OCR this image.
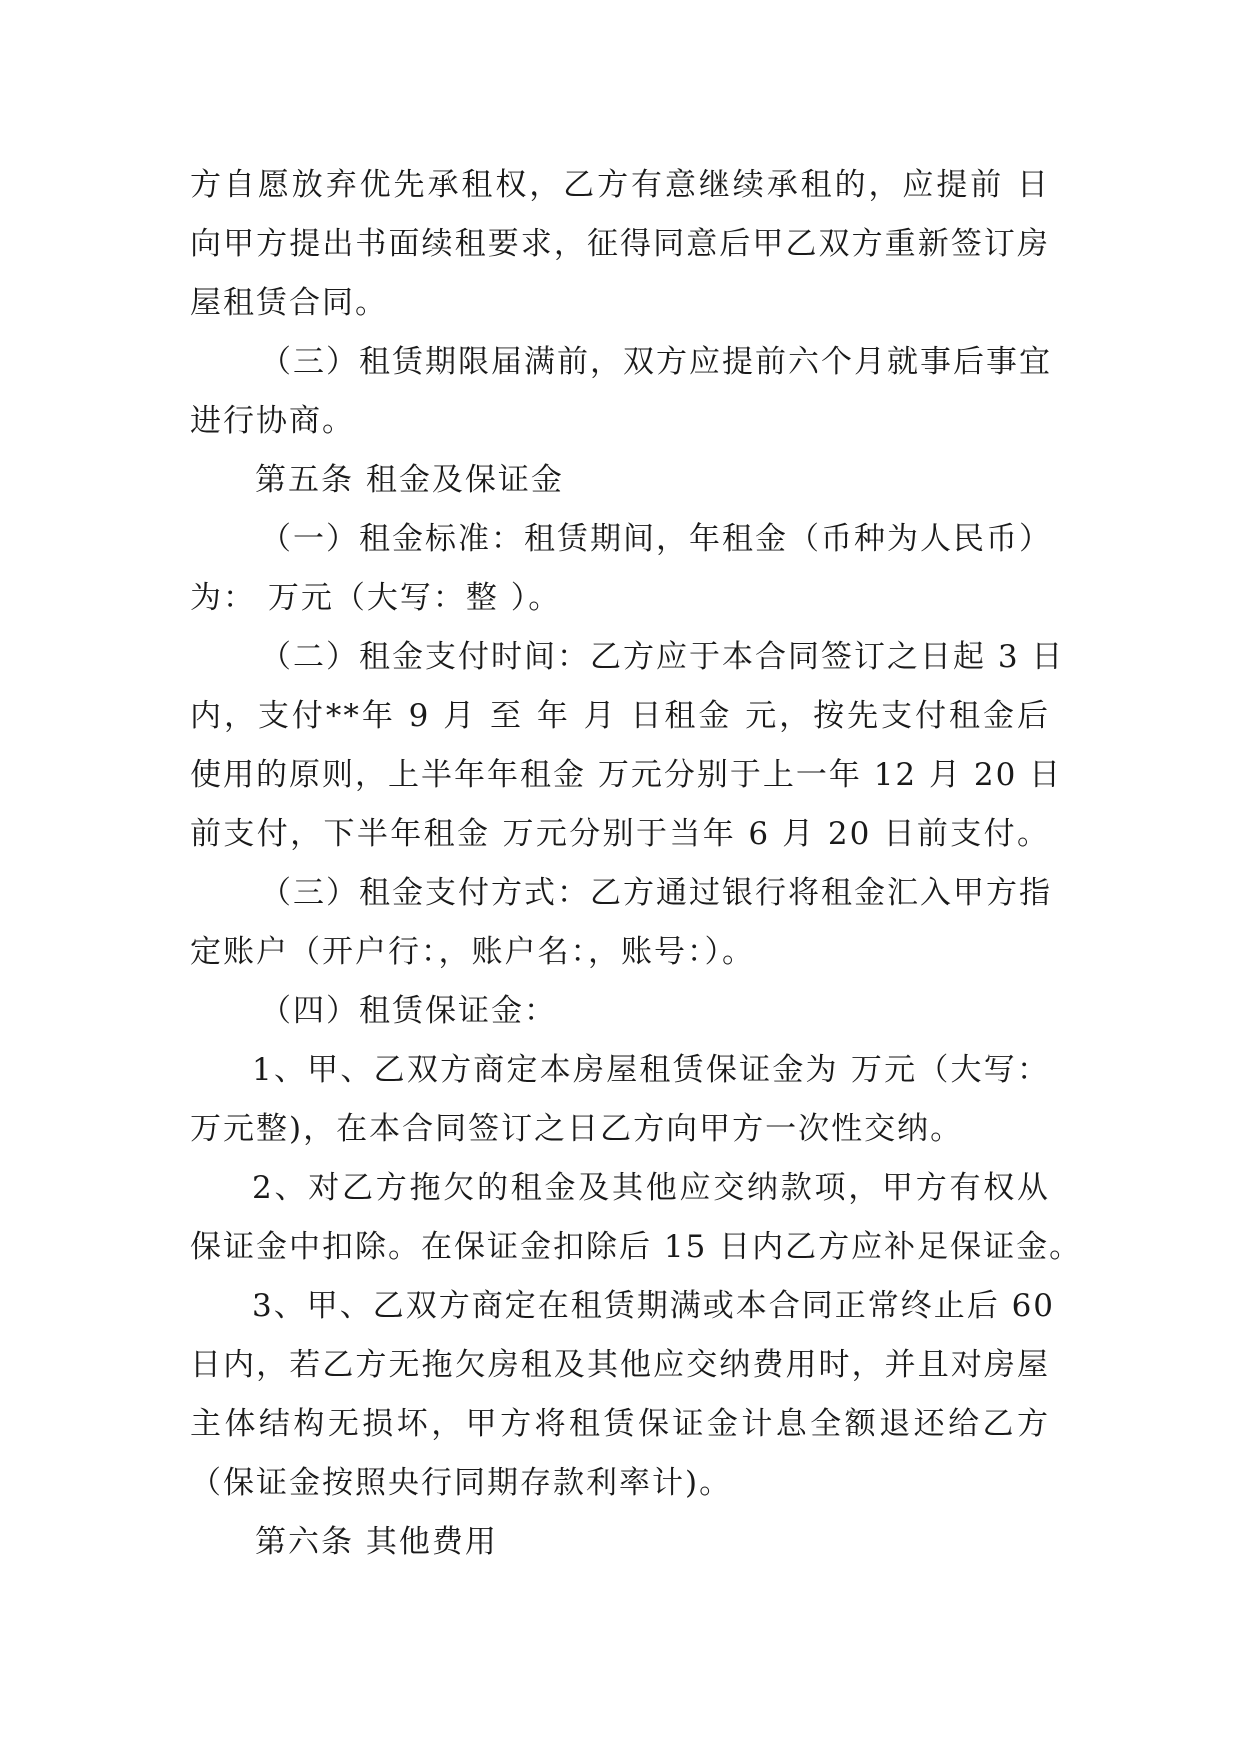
方自愿放弃优先承租权，乙方有意继续承租的，应提前 日
向甲方提出书面续租要求，征得同意后甲乙双方重新签订房
屋租赁合同。
（三）租赁期限届满前，双方应提前六个月就事后事宜
进行协商。
第五条 租金及保证金
（一）租金标准：租赁期间，年租金（币种为人民币）
为： 万元（大写：整 ）。
（二）租金支付时间：乙方应于本合同签订之日起 3 日
内，支付**年 9 月 至 年 月 日租金 元，按先支付租金后
使用的原则，上半年年租金 万元分别于上一年 12 月 20 日
前支付，下半年租金 万元分别于当年 6 月 20 日前支付。
（三）租金支付方式：乙方通过银行将租金汇入甲方指
定账户（开户行：，账户名：，账号：）。
（四）租赁保证金：
1、甲、乙双方商定本房屋租赁保证金为 万元（大写：
万元整)，在本合同签订之日乙方向甲方一次性交纳。
2、对乙方拖欠的租金及其他应交纳款项，甲方有权从
保证金中扣除。在保证金扣除后 15 日内乙方应补足保证金。
3、甲、乙双方商定在租赁期满或本合同正常终止后 60
日内，若乙方无拖欠房租及其他应交纳费用时，并且对房屋
主体结构无损坏，甲方将租赁保证金计息全额退还给乙方
（保证金按照央行同期存款利率计)。
第六条 其他费用
